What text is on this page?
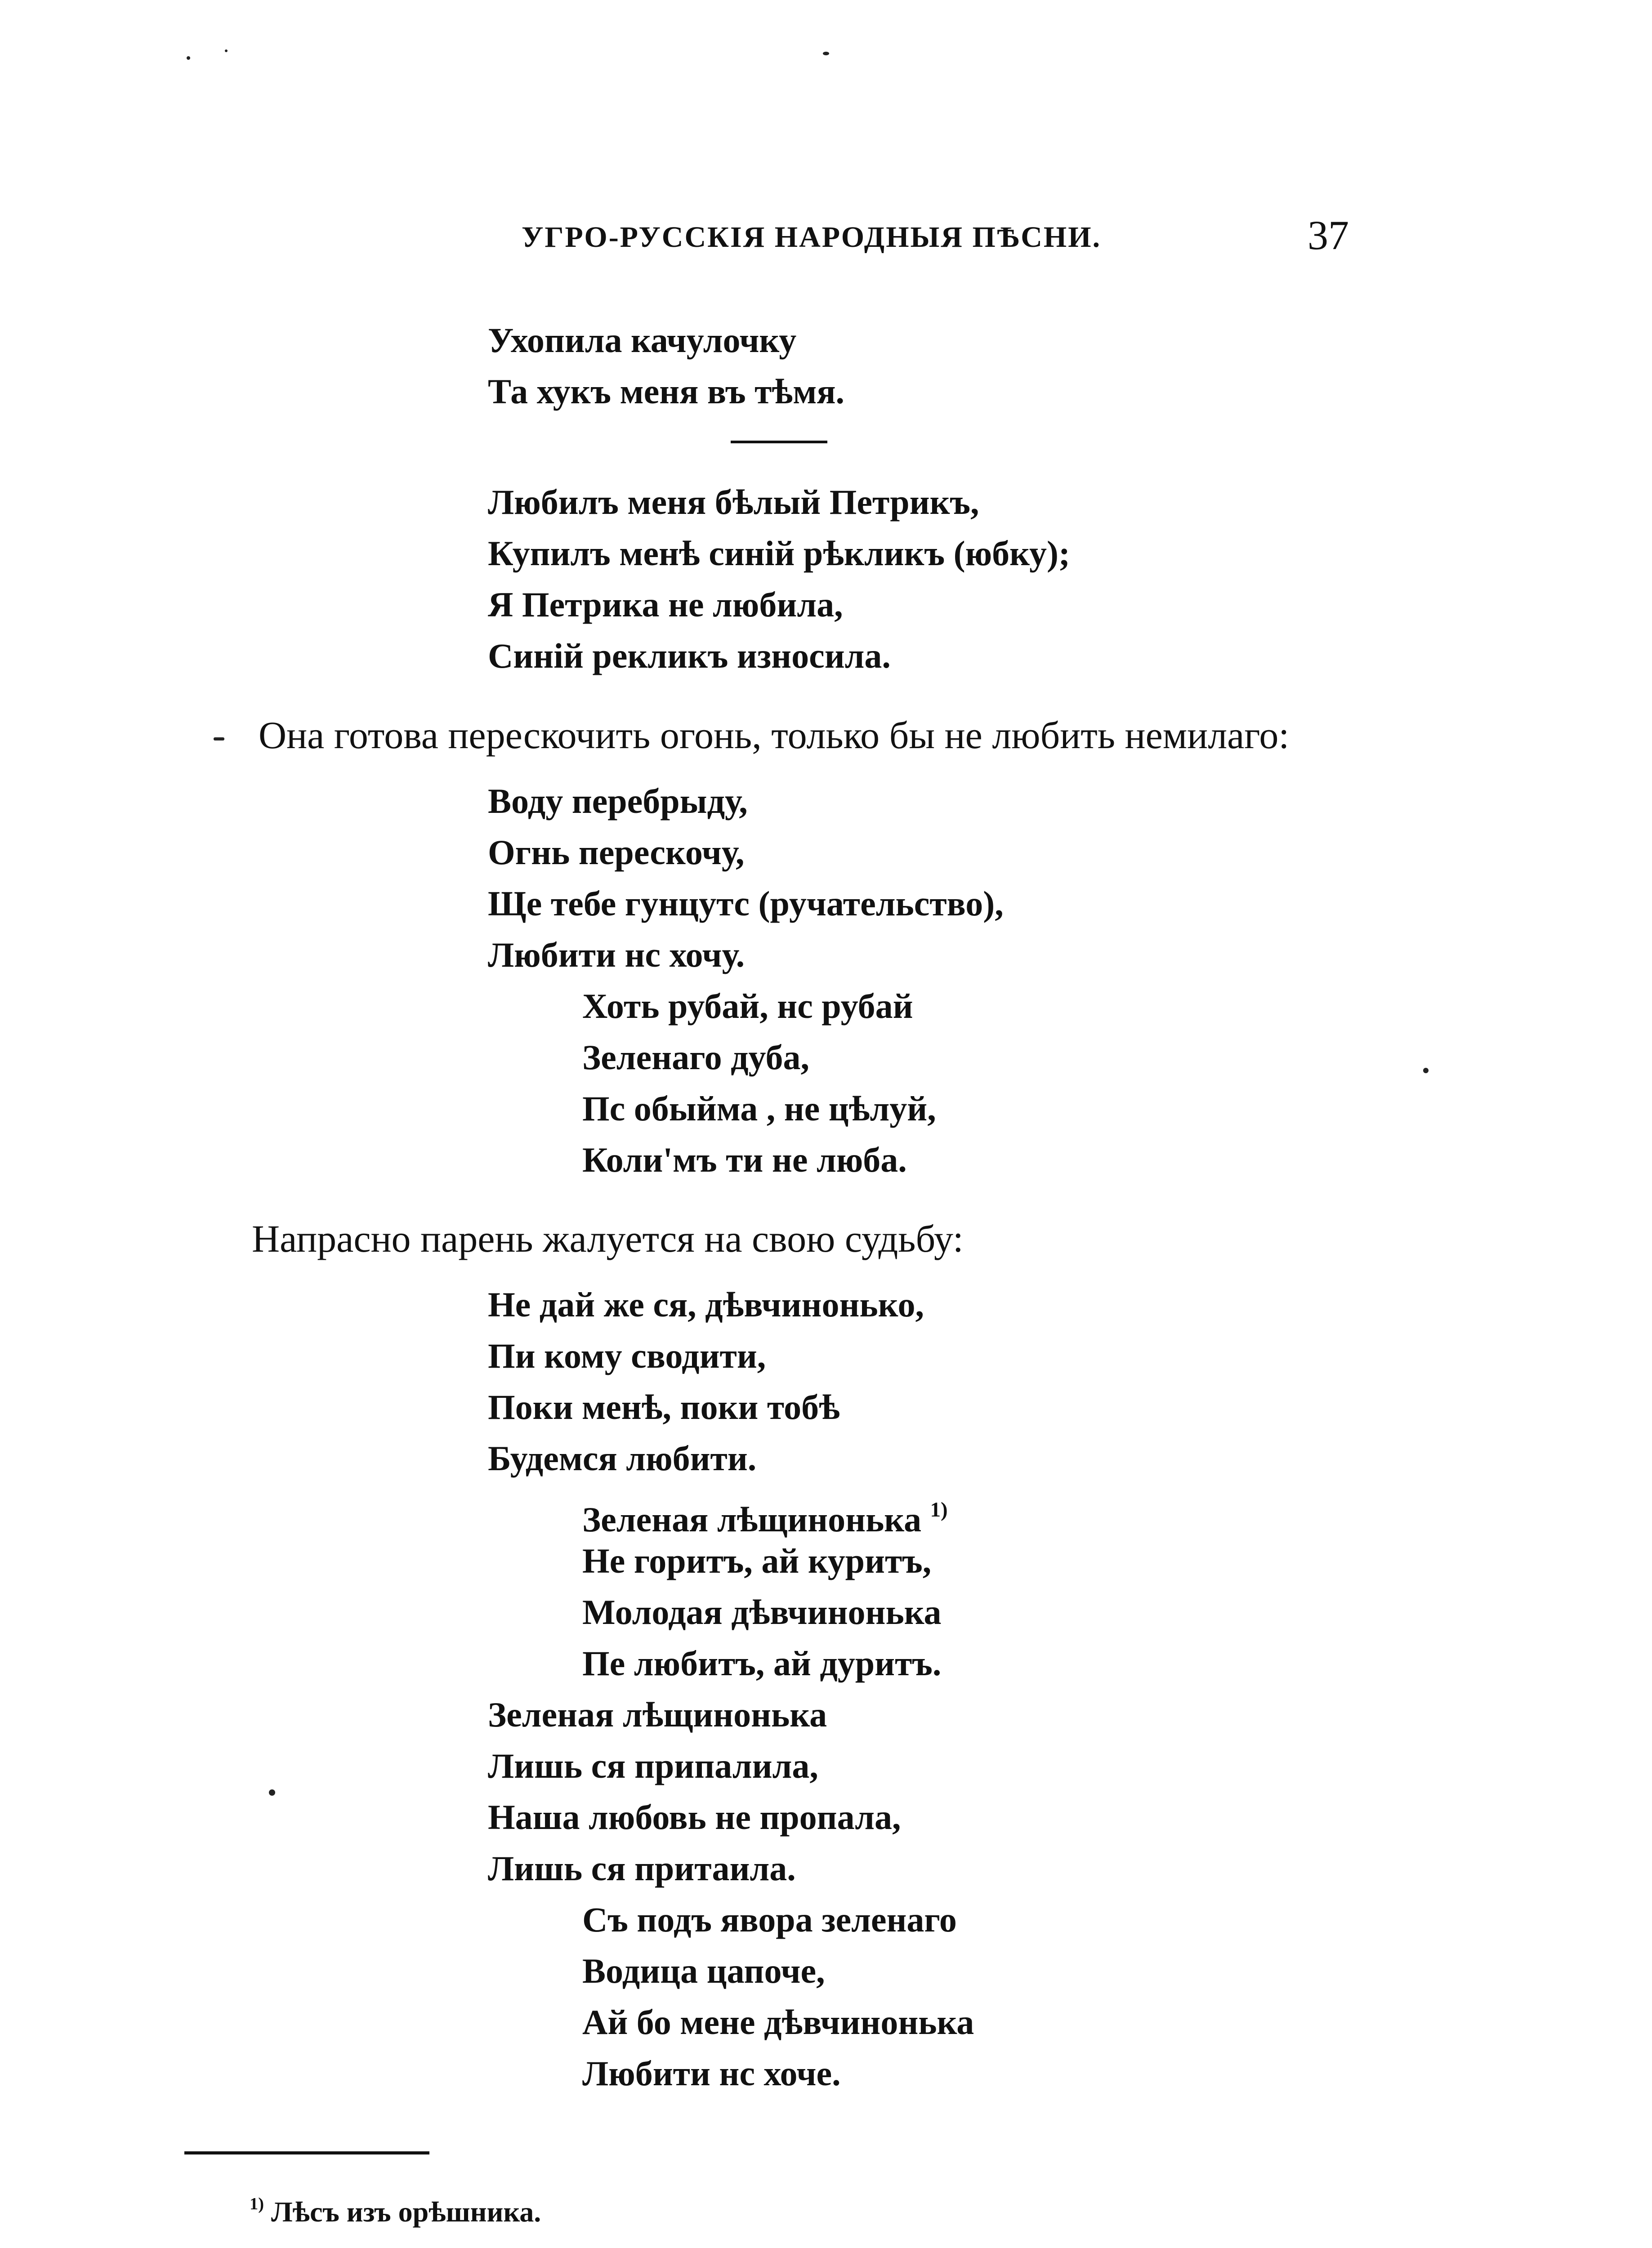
УГРО-РУССКІЯ НАРОДНЫЯ ПѢСНИ.	37
Ухопила качулочку
Та хукъ меня въ тѣмя.
Любилъ меня бѣлый Петрикъ,
Купилъ менѣ синій рѣкликъ (юбку);
Я Петрика не любила,
Синій рекликъ износила.
Она готова перескочить огонь, только бы не любить немилаго:
Воду перебрыду,
Огнь перескочу,
Ще тебе гунцутс (ручательство),
Любити нс хочу.
Хоть рубай, нс рубай
Зеленаго дуба,
Пс обыйма , не цѣлуй,
Коли'мъ ти не люба.
Напрасно парень жалуется на свою судьбу:
Не дай же ся, дѣвчинонько,
Пи кому сводити,
Поки менѣ, поки тобѣ
Будемся любити.
Зеленая лѣщинонька $^{1)}$
Не горитъ, ай куритъ,
Молодая дѣвчинонька
Пе любитъ, ай дуритъ.
Зеленая лѣщинонька
Лишь ся припалила,
Наша любовь не пропала,
Лишь ся притаила.
Съ подъ явора зеленаго
Водица цапоче,
Ай бо мене дѣвчинонька
Любити нс хоче.
$^{1)}$ Лѣсъ изъ орѣшника.
